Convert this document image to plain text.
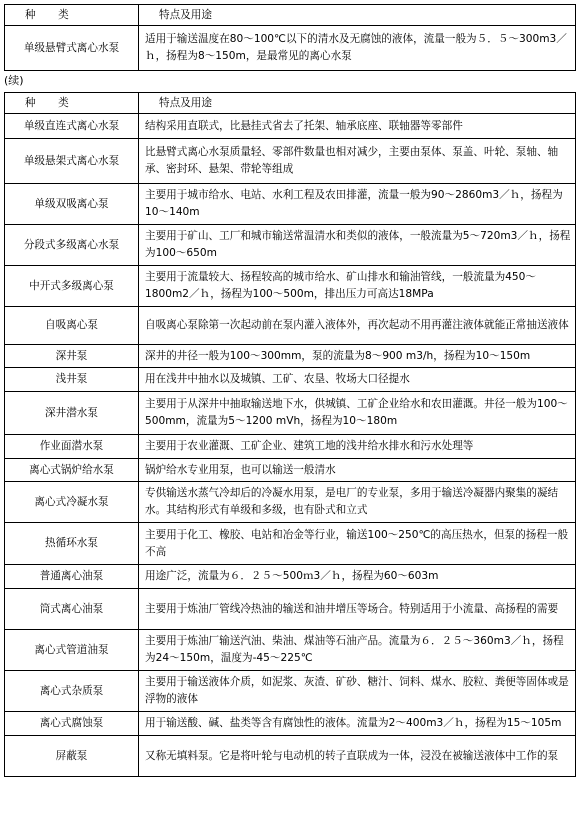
种　类	特点及用途
单级悬臂式离心水泵	适用于输送温度在80～100℃以下的清水及无腐蚀的液体，流量一般为５．５～300m3／ｈ，扬程为8～150m，是最常见的离心水泵
(续)
种　类	特点及用途
单级直连式离心水泵	结构采用直联式，比悬挂式省去了托架、轴承底座、联轴器等零部件
单级悬架式离心水泵	比悬臂式离心水泵质量轻、零部件数量也相对减少，主要由泵体、泵盖、叶轮、泵轴、轴承、密封环、悬架、带轮等组成
单级双吸离心泵	主要用于城市给水、电站、水利工程及农田排灌，流量一般为90～2860m3／ｈ，扬程为10～140m
分段式多级离心水泵	主要用于矿山、工厂和城市输送常温清水和类似的液体，一般流量为5～720m3／ｈ，扬程为100～650m
中开式多级离心泵	主要用于流量较大、扬程较高的城市给水、矿山排水和输油管线，一般流量为450～1800m2／ｈ，扬程为100～500m，排出压力可高达18MPa
自吸离心泵	自吸离心泵除第一次起动前在泵内灌入液体外，再次起动不用再灌注液体就能正常抽送液体
深井泵	深井的井径一般为100～300mm，泵的流量为8～900 m3/h，扬程为10～150m
浅井泵	用在浅井中抽水以及城镇、工矿、农垦、牧场大口径提水
深井潜水泵	主要用于从深井中抽取输送地下水，供城镇、工矿企业给水和农田灌溉。井径一般为100～500mm，流量为5～1200 mVh，扬程为10～180m
作业面潜水泵	主要用于农业灌溉、工矿企业、建筑工地的浅井给水排水和污水处理等
离心式锅炉给水泵	锅炉给水专业用泵，也可以输送一般清水
离心式冷凝水泵	专供输送水蒸气冷却后的冷凝水用泵，是电厂的专业泵，多用于输送冷凝器内聚集的凝结水。其结构形式有单级和多级，也有卧式和立式
热循环水泵	主要用于化工、橡胶、电站和冶金等行业，输送100～250℃的高压热水，但泵的扬程一般不高
普通离心油泵	用途广泛，流量为６．２５～500ｍ3／ｈ，扬程为60～603m
筒式离心油泵	主要用于炼油厂管线冷热油的输送和油井增压等场合。特别适用于小流量、高扬程的需要
离心式管道油泵	主要用于炼油厂输送汽油、柴油、煤油等石油产品。流量为６．２５～360m3／ｈ，扬程为24～150m，温度为-45～225℃
离心式杂质泵	主要用于输送液体介质，如泥浆、灰渣、矿砂、糖汁、饲料、煤水、胶粒、粪便等固体或是浮物的液体
离心式腐蚀泵	用于输送酸、碱、盐类等含有腐蚀性的液体。流量为2～400m3／ｈ，扬程为15～105m
屏蔽泵	又称无填料泵。它是将叶轮与电动机的转子直联成为一体，浸没在被输送液体中工作的泵
